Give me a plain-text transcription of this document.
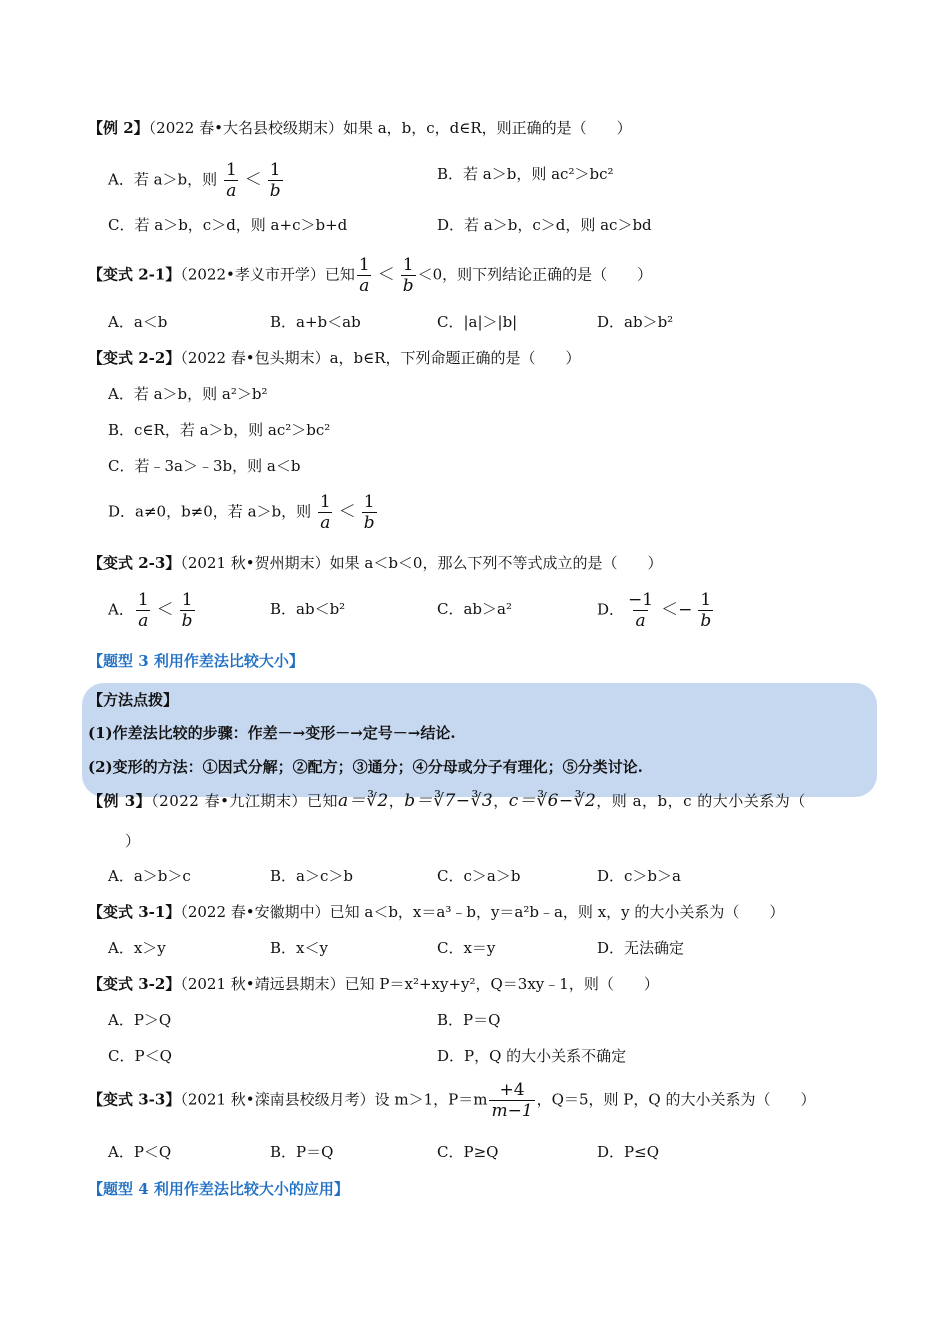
【例 2】（2022 春•大名县校级期末）如果 a，b，c，d∈R，则正确的是（　　）
A．若 a＞b，则 $\frac{1}{a} < \frac{1}{b}$	B．若 a＞b，则 ac²＞bc²
C．若 a＞b，c＞d，则 a+c＞b+d	D．若 a＞b，c＞d，则 ac＞bd
【变式 2-1】（2022•孝义市开学）已知 $\frac{1}{a} < \frac{1}{b} <0$，则下列结论正确的是（　　）
A．a＜b	B．a+b＜ab	C．|a|＞|b|	D．ab＞b²
【变式 2-2】（2022 春•包头期末）a，b∈R，下列命题正确的是（　　）
A．若 a＞b，则 a²＞b²
B．c∈R，若 a＞b，则 ac²＞bc²
C．若﹣3a＞﹣3b，则 a＜b
D．a≠0，b≠0，若 a＞b，则 $\frac{1}{a} < \frac{1}{b}$
【变式 2-3】（2021 秋•贺州期末）如果 a＜b＜0，那么下列不等式成立的是（　　）
A． $\frac{1}{a} < \frac{1}{b}$	B．ab＜b²	C．ab＞a²	D． $\frac{-1}{a} <- \frac{1}{b}$
【题型 3 利用作差法比较大小】
【方法点拨】
(1)作差法比较的步骤：作差－→变形－→定号－→结论.
(2)变形的方法：①因式分解；②配方；③通分；④分母或分子有理化；⑤分类讨论.
【例 3】（2022 春•九江期末）已知a＝∛2，b＝∛7−∛3，c＝∛6−∛2，则 a，b，c 的大小关系为（
）
A．a＞b＞c	B．a＞c＞b	C．c＞a＞b	D．c＞b＞a
【变式 3-1】（2022 春•安徽期中）已知 a＜b，x＝a³﹣b，y＝a²b﹣a，则 x，y 的大小关系为（　　）
A．x＞y	B．x＜y	C．x＝y	D．无法确定
【变式 3-2】（2021 秋•靖远县期末）已知 P＝x²+xy+y²，Q＝3xy﹣1，则（　　）
A．P＞Q	B．P＝Q
C．P＜Q	D．P，Q 的大小关系不确定
【变式 3-3】（2021 秋•滦南县校级月考）设 m＞1，$P=m \frac{+4}{m-1}$ ，Q＝5，则 P，Q 的大小关系为（　　）
A．P＜Q	B．P＝Q	C．P≥Q	D．P≤Q
【题型 4 利用作差法比较大小的应用】
